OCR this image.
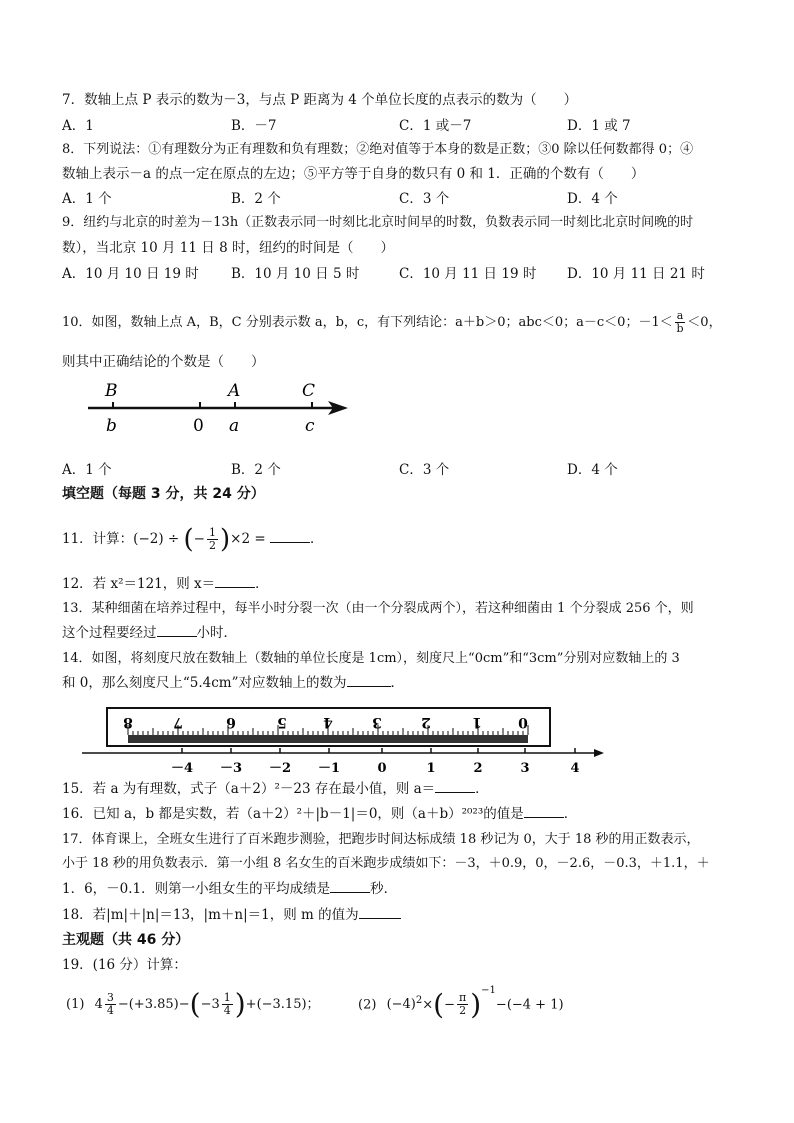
7．数轴上点 P 表示的数为－3，与点 P 距离为 4 个单位长度的点表示的数为（　　）
A．1	B．－7	C．1 或－7	D．1 或 7
8．下列说法：①有理数分为正有理数和负有理数；②绝对值等于本身的数是正数；③0 除以任何数都得 0；④
数轴上表示－a 的点一定在原点的左边；⑤平方等于自身的数只有 0 和 1．正确的个数有（　　）
A．1 个	B．2 个	C．3 个	D．4 个
9．纽约与北京的时差为－13h（正数表示同一时刻比北京时间早的时数，负数表示同一时刻比北京时间晚的时
数），当北京 10 月 11 日 8 时，纽约的时间是（　　）
A．10 月 10 日 19 时 B．10 月 10 日 5 时	C．10 月 11 日 19 时 D．10 月 11 日 21 时
10．如图，数轴上点 A，B，C 分别表示数 a，b，c，有下列结论：a＋b＞0；abc＜0；a－c＜0；$-1< \frac{a}{b} <0$，
则其中正确结论的个数是（　　）
B	A	C
b	0 a	c
A．1 个	B．2 个	C．3 个	D．4 个
填空题（每题 3 分，共 24 分）
11．计算：(−2) ÷ (− $\frac{1}{2} )\times 2$ =	．
12．若 x²＝121，则 x＝	．
13．某种细菌在培养过程中，每半小时分裂一次（由一个分裂成两个），若这种细菌由 1 个分裂成 256 个，则
这个过程要经过	小时．
14．如图，将刻度尺放在数轴上（数轴的单位长度是 1cm），刻度尺上“0cm”和“3cm”分别对应数轴上的 3
和 0，那么刻度尺上“5.4cm”对应数轴上的数为	．
8	7	6	5	4	3	2	1	0
－4 －3 －2 －1	0	1	2	3	4
15．若 a 为有理数，式子（a＋2）²－23 存在最小值，则 a＝	．
16．已知 a，b 都是实数，若（a＋2）²＋|b－1|＝0，则（a＋b）²⁰²³的值是	．
17．体育课上，全班女生进行了百米跑步测验，把跑步时间达标成绩 18 秒记为 0，大于 18 秒的用正数表示，
小于 18 秒的用负数表示．第一小组 8 名女生的百米跑步成绩如下：－3，＋0.9，0，－2.6，－0.3，＋1.1，＋
1．6，－0.1．则第一小组女生的平均成绩是	秒．
18．若|m|＋|n|＝13，|m＋n|＝1，则 m 的值为
主观题（共 46 分）
19．(16 分）计算：
(1) $4 \frac{3}{4} -(+3.85)-(-3 \frac{1}{4} )+(-3.15)$；	(2) $(-4)^2\times(- \frac{\pi}{2} )^{-1}-(-4 + 1)$
